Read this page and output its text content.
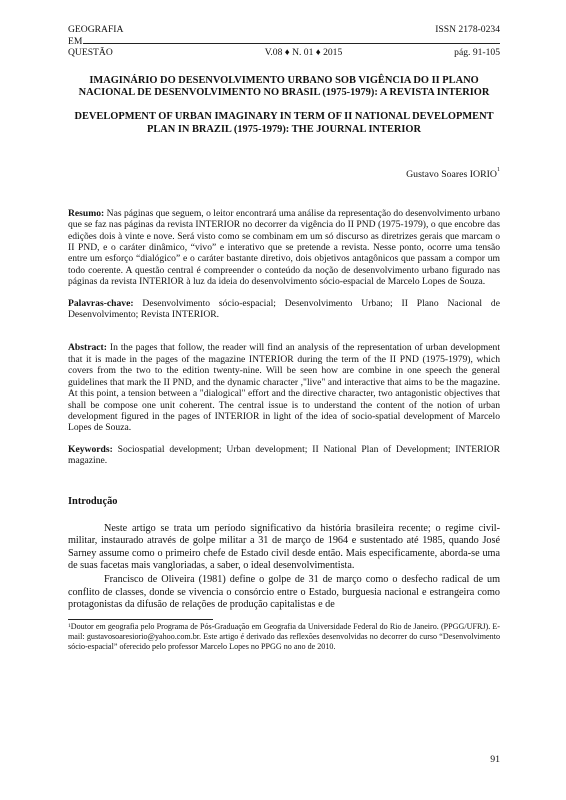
GEOGRAFIA	ISSN 2178-0234
EM
QUESTÃO	V.08 ♦ N. 01 ♦ 2015	pág. 91-105
IMAGINÁRIO DO DESENVOLVIMENTO URBANO SOB VIGÊNCIA DO II PLANO NACIONAL DE DESENVOLVIMENTO NO BRASIL (1975-1979): A REVISTA INTERIOR
DEVELOPMENT OF URBAN IMAGINARY IN TERM OF II NATIONAL DEVELOPMENT PLAN IN BRAZIL (1975-1979): THE JOURNAL INTERIOR
Gustavo Soares IORIO$^1$
Resumo: Nas páginas que seguem, o leitor encontrará uma análise da representação do desenvolvimento urbano que se faz nas páginas da revista INTERIOR no decorrer da vigência do II PND (1975-1979), o que encobre das edições dois à vinte e nove. Será visto como se combinam em um só discurso as diretrizes gerais que marcam o II PND, e o caráter dinâmico, “vivo” e interativo que se pretende a revista. Nesse ponto, ocorre uma tensão entre um esforço “dialógico” e o caráter bastante diretivo, dois objetivos antagônicos que passam a compor um todo coerente. A questão central é compreender o conteúdo da noção de desenvolvimento urbano figurado nas páginas da revista INTERIOR à luz da ideia do desenvolvimento sócio-espacial de Marcelo Lopes de Souza.
Palavras-chave: Desenvolvimento sócio-espacial; Desenvolvimento Urbano; II Plano Nacional de Desenvolvimento; Revista INTERIOR.
Abstract: In the pages that follow, the reader will find an analysis of the representation of urban development that it is made in the pages of the magazine INTERIOR during the term of the II PND (1975-1979), which covers from the two to the edition twenty-nine. Will be seen how are combine in one speech the general guidelines that mark the II PND, and the dynamic character ,"live" and interactive that aims to be the magazine. At this point, a tension between a "dialogical" effort and the directive character, two antagonistic objectives that shall be compose one unit coherent. The central issue is to understand the content of the notion of urban development figured in the pages of INTERIOR in light of the idea of socio-spatial development of Marcelo Lopes de Souza.
Keywords: Sociospatial development; Urban development; II National Plan of Development; INTERIOR magazine.
Introdução

Neste artigo se trata um período significativo da história brasileira recente; o regime civil-militar, instaurado através de golpe militar a 31 de março de 1964 e sustentado até 1985, quando José Sarney assume como o primeiro chefe de Estado civil desde então. Mais especificamente, aborda-se uma de suas facetas mais vangloriadas, a saber, o ideal desenvolvimentista.

Francisco de Oliveira (1981) define o golpe de 31 de março como o desfecho radical de um conflito de classes, donde se vivencia o consórcio entre o Estado, burguesia nacional e estrangeira como protagonistas da difusão de relações de produção capitalistas e de

$^1$Doutor em geografia pelo Programa de Pós-Graduação em Geografia da Universidade Federal do Rio de Janeiro. (PPGG/UFRJ). E-mail: gustavosoaresiorio@yahoo.com.br. Este artigo é derivado das reflexões desenvolvidas no decorrer do curso “Desenvolvimento sócio-espacial” oferecido pelo professor Marcelo Lopes no PPGG no ano de 2010.
91
